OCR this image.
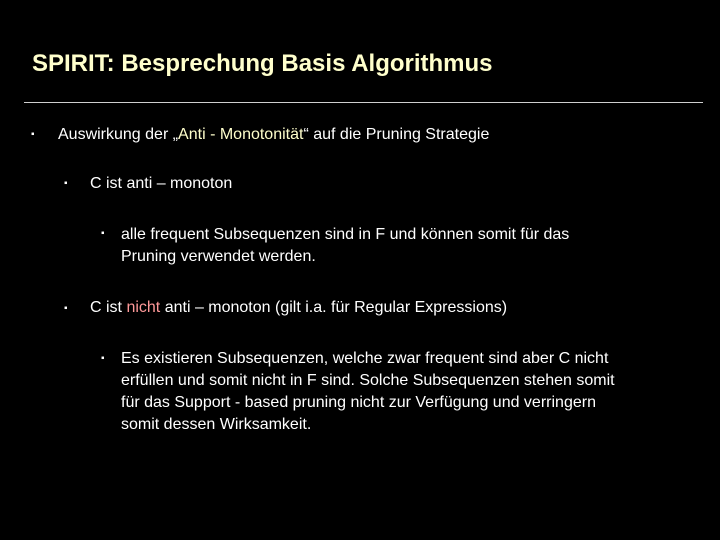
SPIRIT: Besprechung Basis Algorithmus
▪ Auswirkung der „Anti - Monotonität“ auf die Pruning Strategie
▪ C ist anti – monoton
▪ alle frequent Subsequenzen sind in F und können somit für das
Pruning verwendet werden.
▪ C ist nicht anti – monoton (gilt i.a. für Regular Expressions)
▪ Es existieren Subsequenzen, welche zwar frequent sind aber C nicht
erfüllen und somit nicht in F sind. Solche Subsequenzen stehen somit
für das Support - based pruning nicht zur Verfügung und verringern
somit dessen Wirksamkeit.
